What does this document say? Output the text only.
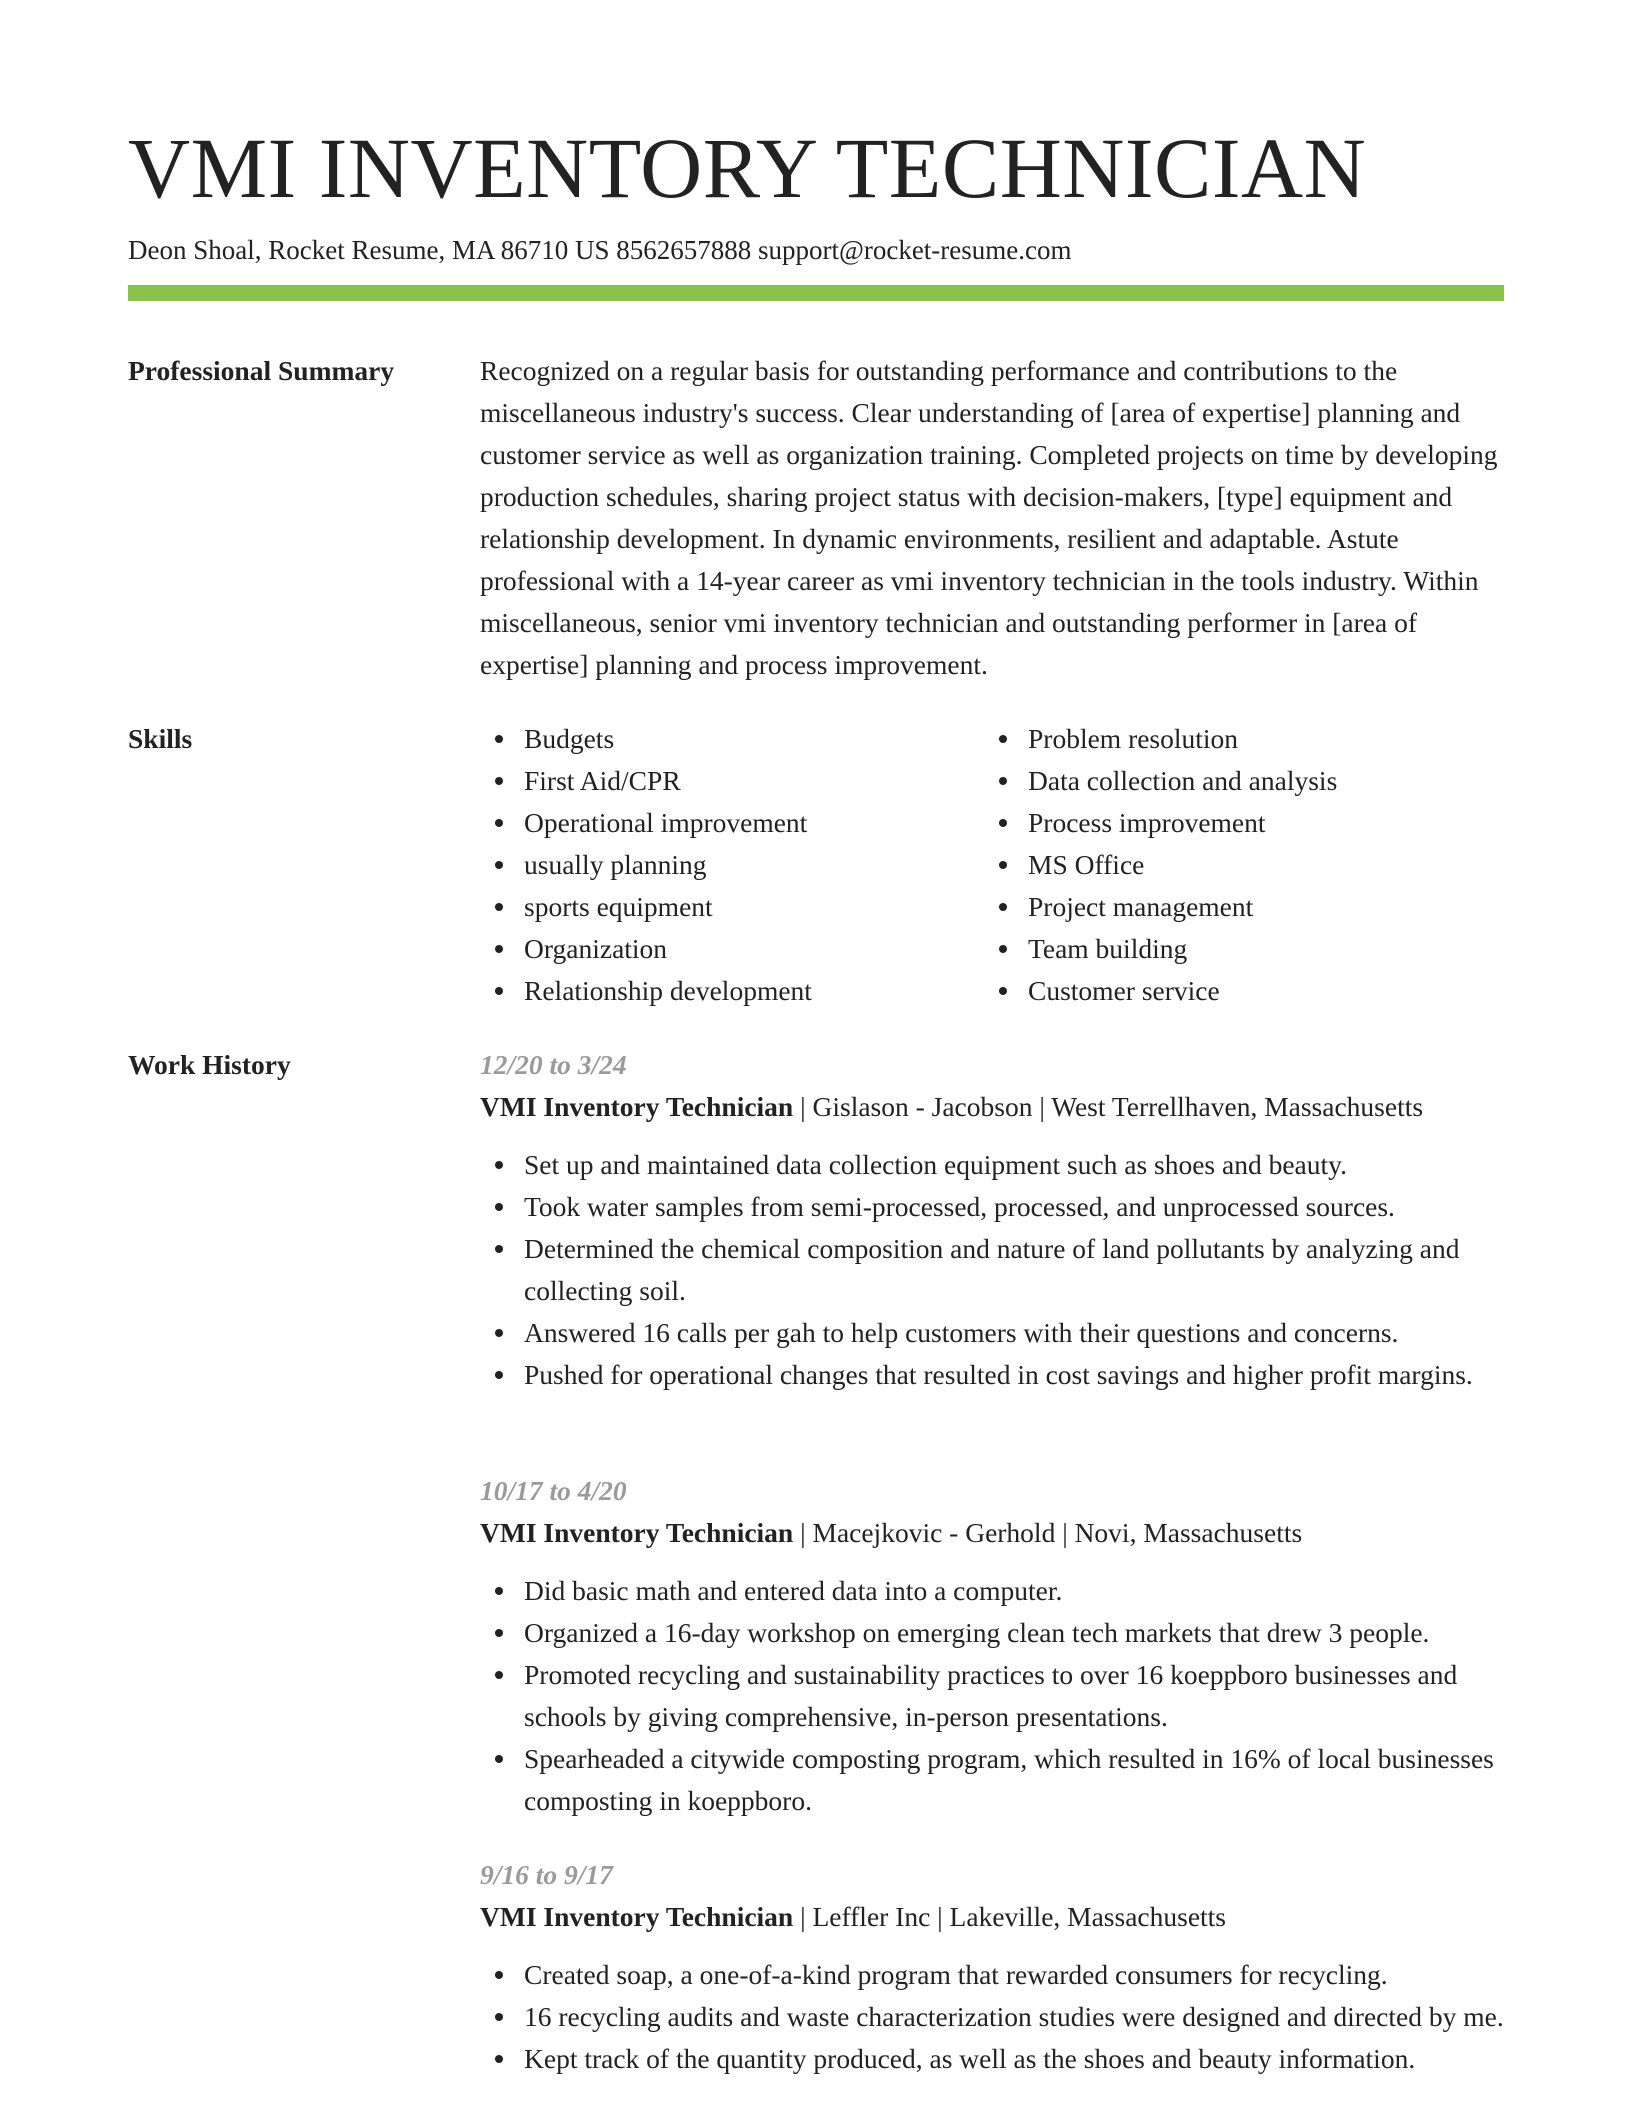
VMI INVENTORY TECHNICIAN
Deon Shoal, Rocket Resume, MA 86710 US 8562657888 support@rocket-resume.com
Professional Summary	Recognized on a regular basis for outstanding performance and contributions to the miscellaneous industry's success. Clear understanding of [area of expertise] planning and customer service as well as organization training. Completed projects on time by developing production schedules, sharing project status with decision-makers, [type] equipment and relationship development. In dynamic environments, resilient and adaptable. Astute professional with a 14-year career as vmi inventory technician in the tools industry. Within miscellaneous, senior vmi inventory technician and outstanding performer in [area of expertise] planning and process improvement.

Skills	Budgets
First Aid/CPR
Operational improvement
usually planning
sports equipment
Organization
Relationship development
Problem resolution
Data collection and analysis
Process improvement
MS Office
Project management
Team building
Customer service
Work History	12/20 to 3/24
VMI Inventory Technician | Gislason - Jacobson | West Terrellhaven, Massachusetts
Set up and maintained data collection equipment such as shoes and beauty.
Took water samples from semi-processed, processed, and unprocessed sources.
Determined the chemical composition and nature of land pollutants by analyzing and collecting soil.
Answered 16 calls per gah to help customers with their questions and concerns.
Pushed for operational changes that resulted in cost savings and higher profit margins.
10/17 to 4/20
VMI Inventory Technician | Macejkovic - Gerhold | Novi, Massachusetts
Did basic math and entered data into a computer.
Organized a 16-day workshop on emerging clean tech markets that drew 3 people.
Promoted recycling and sustainability practices to over 16 koeppboro businesses and schools by giving comprehensive, in-person presentations.
Spearheaded a citywide composting program, which resulted in 16% of local businesses composting in koeppboro.
9/16 to 9/17
VMI Inventory Technician | Leffler Inc | Lakeville, Massachusetts
Created soap, a one-of-a-kind program that rewarded consumers for recycling.
16 recycling audits and waste characterization studies were designed and directed by me.
Kept track of the quantity produced, as well as the shoes and beauty information.
